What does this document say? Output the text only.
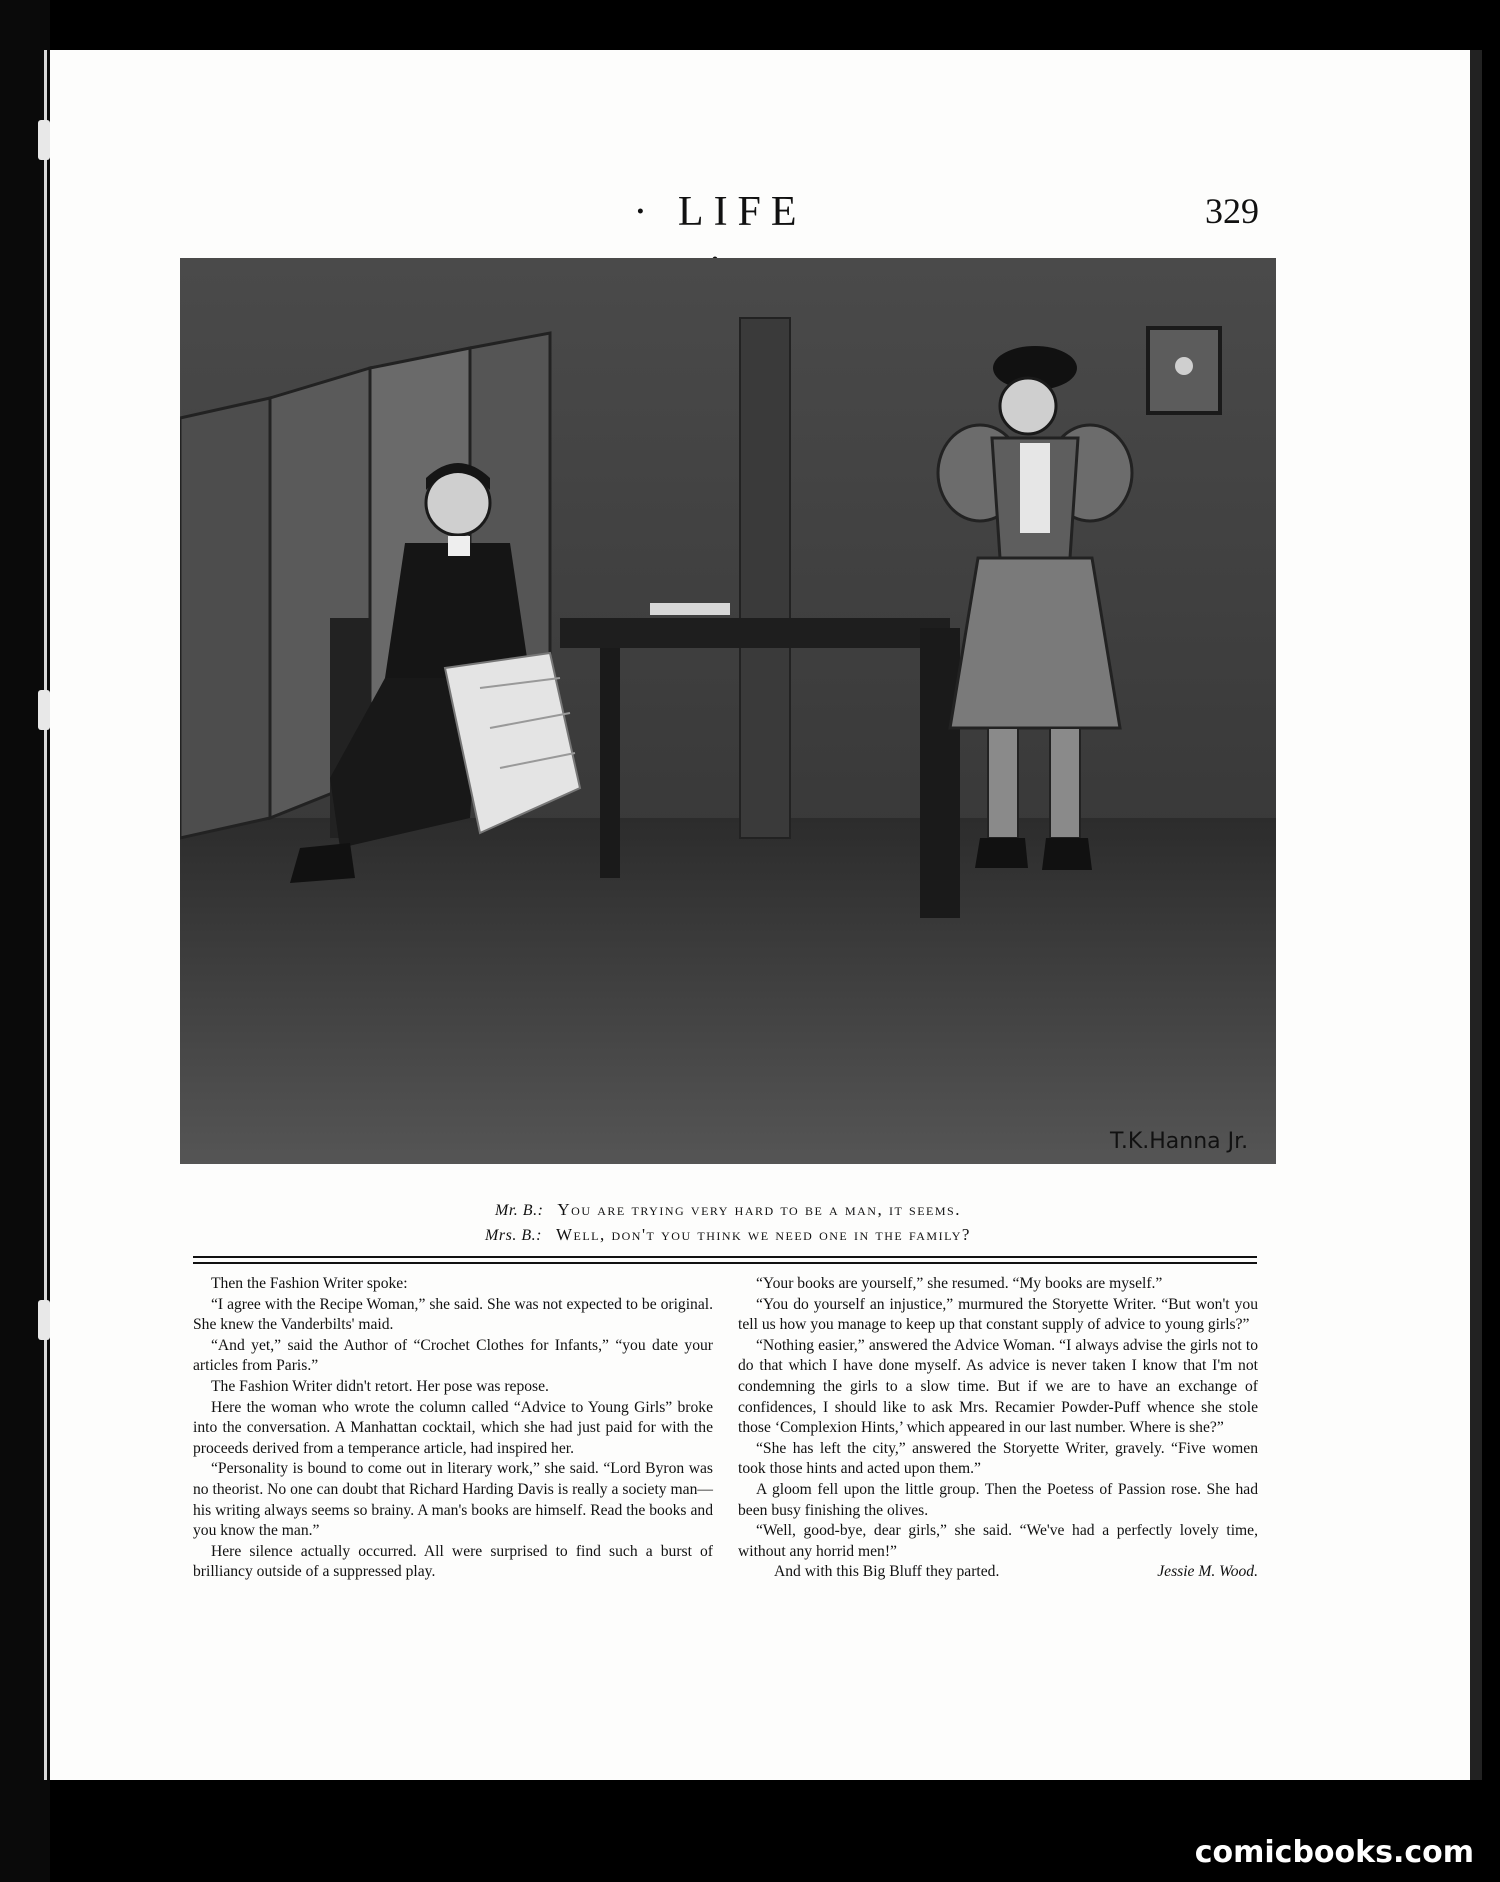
· LIFE	329
T.K.Hanna Jr.
Mr. B.: You are trying very hard to be a man, it seems.
Mrs. B.: Well, don't you think we need one in the family?

Then the Fashion Writer spoke:

“I agree with the Recipe Woman,” she said. She was not expected to be original. She knew the Vanderbilts' maid.

“And yet,” said the Author of “Crochet Clothes for Infants,” “you date your articles from Paris.”

The Fashion Writer didn't retort. Her pose was repose.

Here the woman who wrote the column called “Advice to Young Girls” broke into the conversation. A Manhattan cocktail, which she had just paid for with the proceeds derived from a temperance article, had inspired her.

“Personality is bound to come out in literary work,” she said. “Lord Byron was no theorist. No one can doubt that Richard Harding Davis is really a society man—his writing always seems so brainy. A man's books are himself. Read the books and you know the man.”

Here silence actually occurred. All were surprised to find such a burst of brilliancy outside of a suppressed play.

“Your books are yourself,” she resumed. “My books are myself.”

“You do yourself an injustice,” murmured the Storyette Writer. “But won't you tell us how you manage to keep up that constant supply of advice to young girls?”

“Nothing easier,” answered the Advice Woman. “I always advise the girls not to do that which I have done myself. As advice is never taken I know that I'm not condemning the girls to a slow time. But if we are to have an exchange of confidences, I should like to ask Mrs. Recamier Powder-Puff whence she stole those ‘Complexion Hints,’ which appeared in our last number. Where is she?”

“She has left the city,” answered the Storyette Writer, gravely. “Five women took those hints and acted upon them.”

A gloom fell upon the little group. Then the Poetess of Passion rose. She had been busy finishing the olives.

“Well, good-bye, dear girls,” she said. “We've had a perfectly lovely time, without any horrid men!”

And with this Big Bluff they parted.	Jessie M. Wood.

comicbooks.com
